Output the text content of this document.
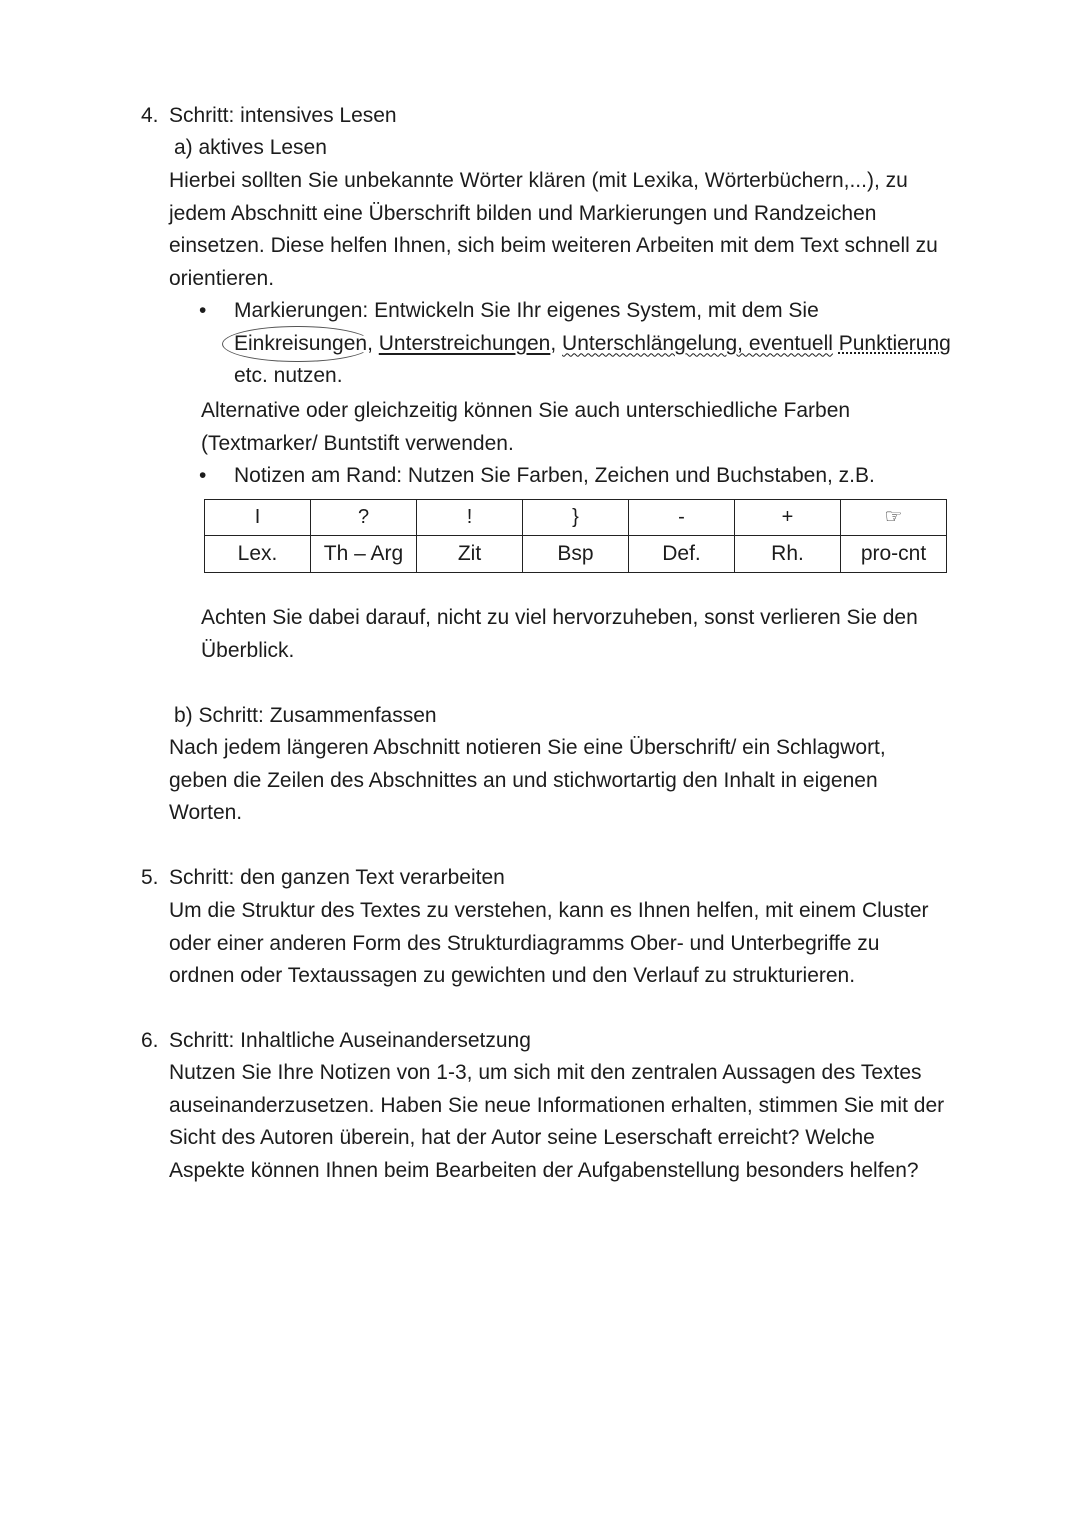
4. Schritt: intensives Lesen
a) aktives Lesen
Hierbei sollten Sie unbekannte Wörter klären (mit Lexika, Wörterbüchern,...), zu
jedem Abschnitt eine Überschrift bilden und Markierungen und Randzeichen
einsetzen. Diese helfen Ihnen, sich beim weiteren Arbeiten mit dem Text schnell zu
orientieren.
• Markierungen: Entwickeln Sie Ihr eigenes System, mit dem Sie
Einkreisungen, Unterstreichungen, Unterschlängelung, eventuell Punktierung
etc. nutzen.
Alternative oder gleichzeitig können Sie auch unterschiedliche Farben
(Textmarker/ Buntstift verwenden.
• Notizen am Rand: Nutzen Sie Farben, Zeichen und Buchstaben, z.B.
I	?	!	}	-	+	☞
Lex.	Th – Arg	Zit	Bsp	Def.	Rh.	pro-cnt
Achten Sie dabei darauf, nicht zu viel hervorzuheben, sonst verlieren Sie den
Überblick.
b) Schritt: Zusammenfassen
Nach jedem längeren Abschnitt notieren Sie eine Überschrift/ ein Schlagwort,
geben die Zeilen des Abschnittes an und stichwortartig den Inhalt in eigenen
Worten.
5. Schritt: den ganzen Text verarbeiten
Um die Struktur des Textes zu verstehen, kann es Ihnen helfen, mit einem Cluster
oder einer anderen Form des Strukturdiagramms Ober- und Unterbegriffe zu
ordnen oder Textaussagen zu gewichten und den Verlauf zu strukturieren.
6. Schritt: Inhaltliche Auseinandersetzung
Nutzen Sie Ihre Notizen von 1-3, um sich mit den zentralen Aussagen des Textes
auseinanderzusetzen. Haben Sie neue Informationen erhalten, stimmen Sie mit der
Sicht des Autoren überein, hat der Autor seine Leserschaft erreicht? Welche
Aspekte können Ihnen beim Bearbeiten der Aufgabenstellung besonders helfen?
